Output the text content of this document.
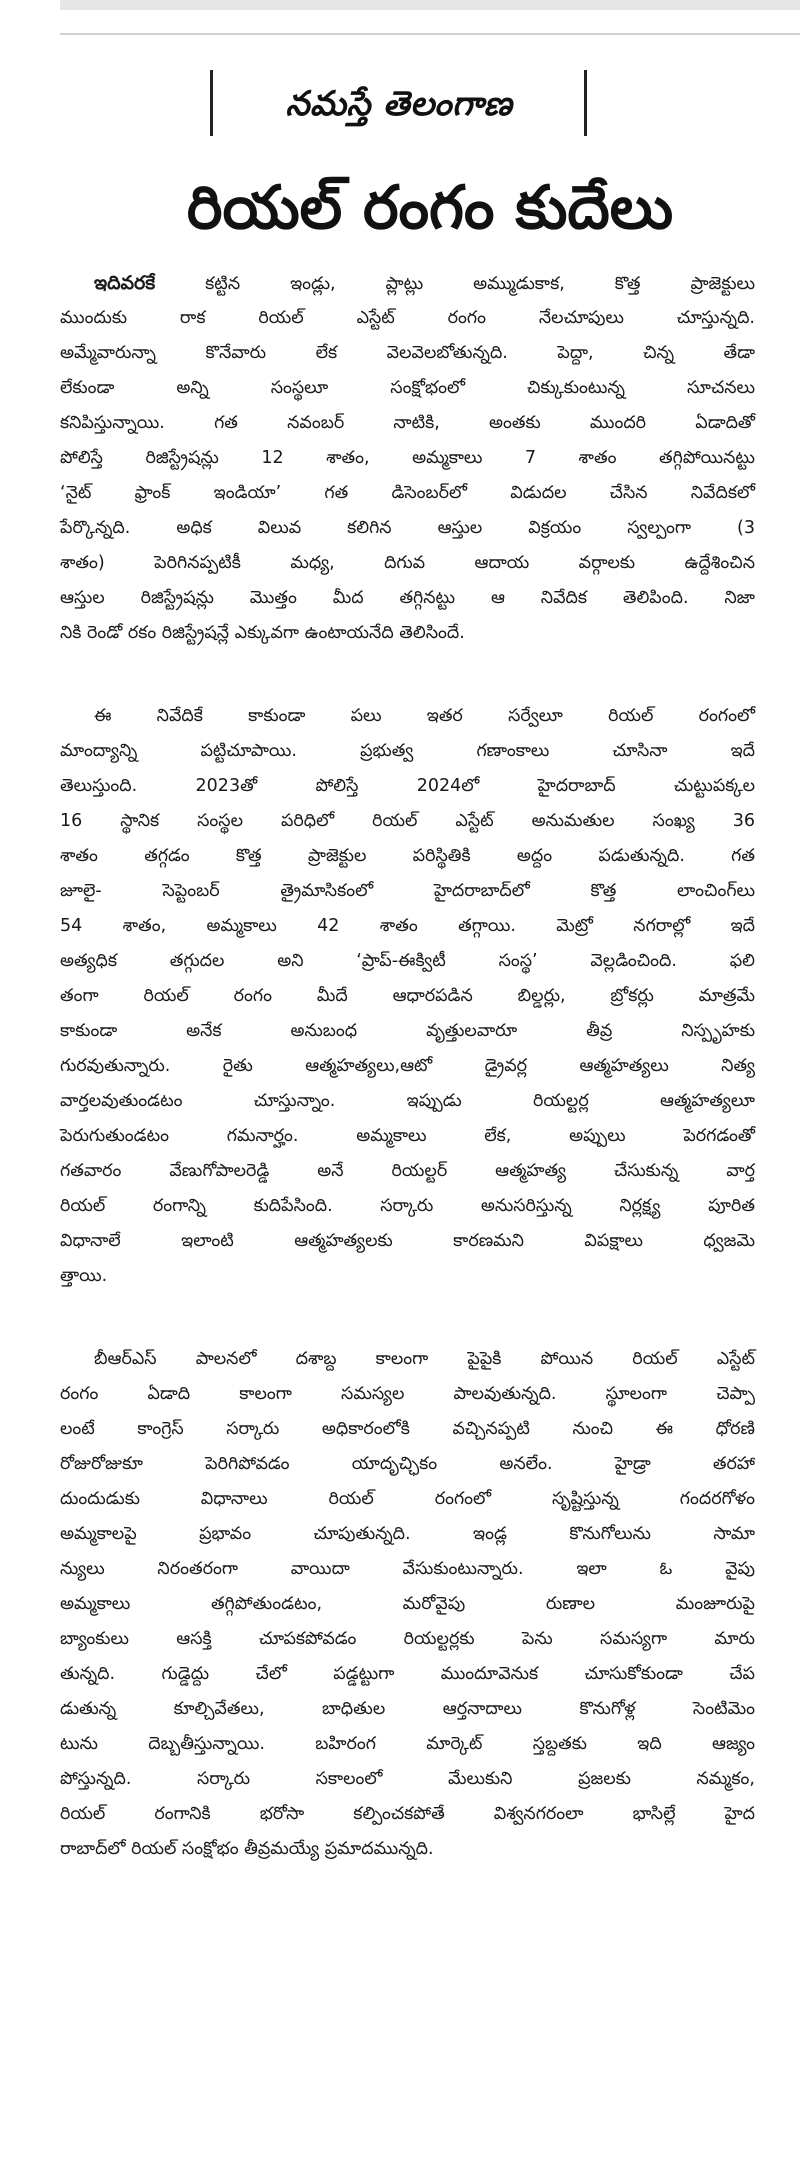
నమస్తే తెలంగాణ
రియల్ రంగం కుదేలు
ఇదివరకే కట్టిన ఇండ్లు, ప్లాట్లు అమ్ముడుకాక, కొత్త ప్రాజెక్టులు
ముందుకు రాక రియల్ ఎస్టేట్ రంగం నేలచూపులు చూస్తున్నది.
అమ్మేవారున్నా కొనేవారు లేక వెలవెలబోతున్నది. పెద్దా, చిన్న తేడా
లేకుండా అన్ని సంస్థలూ సంక్షోభంలో చిక్కుకుంటున్న సూచనలు
కనిపిస్తున్నాయి. గత నవంబర్ నాటికి, అంతకు ముందరి ఏడాదితో
పోలిస్తే రిజిస్ట్రేషన్లు 12 శాతం, అమ్మకాలు 7 శాతం తగ్గిపోయినట్టు
‘నైట్ ఫ్రాంక్ ఇండియా’ గత డిసెంబర్‌లో విడుదల చేసిన నివేదికలో
పేర్కొన్నది. అధిక విలువ కలిగిన ఆస్తుల విక్రయం స్వల్పంగా (3
శాతం) పెరిగినప్పటికీ మధ్య, దిగువ ఆదాయ వర్గాలకు ఉద్దేశించిన
ఆస్తుల రిజిస్ట్రేషన్లు మొత్తం మీద తగ్గినట్టు ఆ నివేదిక తెలిపింది. నిజా
నికి రెండో రకం రిజిస్ట్రేషన్లే ఎక్కువగా ఉంటాయనేది తెలిసిందే.
ఈ నివేదికే కాకుండా పలు ఇతర సర్వేలూ రియల్ రంగంలో
మాంద్యాన్ని పట్టిచూపాయి. ప్రభుత్వ గణాంకాలు చూసినా ఇదే
తెలుస్తుంది. 2023తో పోలిస్తే 2024లో హైదరాబాద్ చుట్టుపక్కల
16 స్థానిక సంస్థల పరిధిలో రియల్ ఎస్టేట్ అనుమతుల సంఖ్య 36
శాతం తగ్గడం కొత్త ప్రాజెక్టుల పరిస్థితికి అద్దం పడుతున్నది. గత
జూలై- సెప్టెంబర్ త్రైమాసికంలో హైదరాబాద్‌లో కొత్త లాంచింగ్‌లు
54 శాతం, అమ్మకాలు 42 శాతం తగ్గాయి. మెట్రో నగరాల్లో ఇదే
అత్యధిక తగ్గుదల అని ‘ప్రాప్-ఈక్విటీ సంస్థ’ వెల్లడించింది. ఫలి
తంగా రియల్ రంగం మీదే ఆధారపడిన బిల్డర్లు, బ్రోకర్లు మాత్రమే
కాకుండా అనేక అనుబంధ వృత్తులవారూ తీవ్ర నిస్పృహకు
గురవుతున్నారు. రైతు ఆత్మహత్యలు,ఆటో డ్రైవర్ల ఆత్మహత్యలు నిత్య
వార్తలవుతుండటం చూస్తున్నాం. ఇప్పుడు రియల్టర్ల ఆత్మహత్యలూ
పెరుగుతుండటం గమనార్హం. అమ్మకాలు లేక, అప్పులు పెరగడంతో
గతవారం వేణుగోపాలరెడ్డి అనే రియల్టర్ ఆత్మహత్య చేసుకున్న వార్త
రియల్ రంగాన్ని కుదిపేసింది. సర్కారు అనుసరిస్తున్న నిర్లక్ష్య పూరిత
విధానాలే ఇలాంటి ఆత్మహత్యలకు కారణమని విపక్షాలు ధ్వజమె
త్తాయి.
బీఆర్ఎస్ పాలనలో దశాబ్ద కాలంగా పైపైకి పోయిన రియల్ ఎస్టేట్
రంగం ఏడాది కాలంగా సమస్యల పాలవుతున్నది. స్థూలంగా చెప్పా
లంటే కాంగ్రెస్ సర్కారు అధికారంలోకి వచ్చినప్పటి నుంచి ఈ ధోరణి
రోజురోజుకూ పెరిగిపోవడం యాదృచ్ఛికం అనలేం. హైడ్రా తరహా
దుందుడుకు విధానాలు రియల్ రంగంలో సృష్టిస్తున్న గందరగోళం
అమ్మకాలపై ప్రభావం చూపుతున్నది. ఇండ్ల కొనుగోలును సామా
న్యులు నిరంతరంగా వాయిదా వేసుకుంటున్నారు. ఇలా ఓ వైపు
అమ్మకాలు తగ్గిపోతుండటం, మరోవైపు రుణాల మంజూరుపై
బ్యాంకులు ఆసక్తి చూపకపోవడం రియల్టర్లకు పెను సమస్యగా మారు
తున్నది. గుడ్డెద్దు చేలో పడ్డట్టుగా ముందూవెనుక చూసుకోకుండా చేప
డుతున్న కూల్చివేతలు, బాధితుల ఆర్తనాదాలు కొనుగోళ్ల సెంటిమెం
టును దెబ్బతీస్తున్నాయి. బహిరంగ మార్కెట్ స్తబ్దతకు ఇది ఆజ్యం
పోస్తున్నది. సర్కారు సకాలంలో మేలుకుని ప్రజలకు నమ్మకం,
రియల్ రంగానికి భరోసా కల్పించకపోతే విశ్వనగరంలా భాసిల్లే హైద
రాబాద్‌లో రియల్ సంక్షోభం తీవ్రమయ్యే ప్రమాదమున్నది.
